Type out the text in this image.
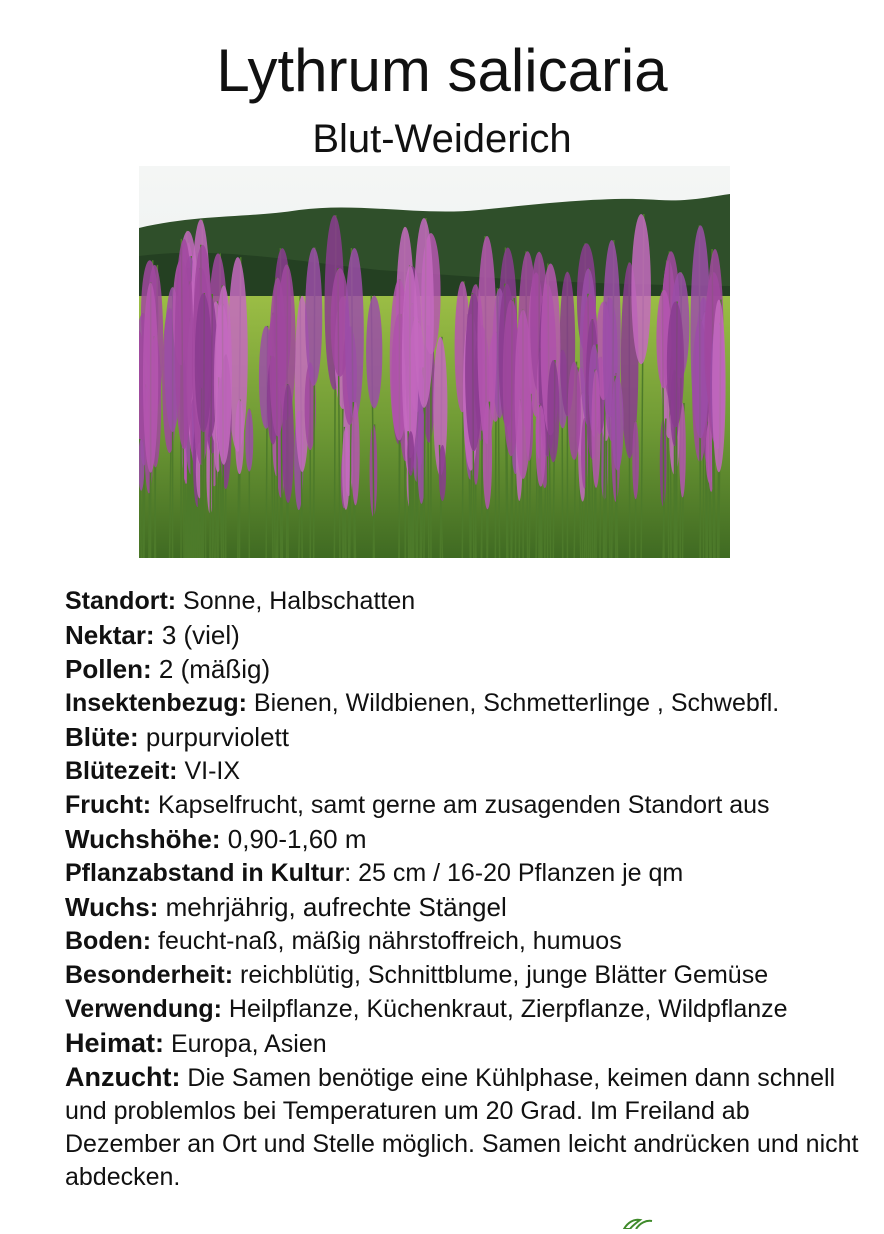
Lythrum salicaria
Blut-Weiderich
Standort: Sonne, Halbschatten
Nektar: 3 (viel)
Pollen: 2 (mäßig)
Insektenbezug: Bienen, Wildbienen, Schmetterlinge , Schwebfl.
Blüte: purpurviolett
Blütezeit: VI-IX
Frucht: Kapselfrucht, samt gerne am zusagenden Standort aus
Wuchshöhe: 0,90-1,60 m
Pflanzabstand in Kultur: 25 cm / 16-20 Pflanzen je qm
Wuchs: mehrjährig, aufrechte Stängel
Boden: feucht-naß, mäßig nährstoffreich, humuos
Besonderheit: reichblütig, Schnittblume, junge Blätter Gemüse
Verwendung: Heilpflanze, Küchenkraut, Zierpflanze, Wildpflanze
Heimat: Europa, Asien
Anzucht: Die Samen benötige eine Kühlphase, keimen dann schnell und problemlos bei Temperaturen um 20 Grad. Im Freiland ab Dezember an Ort und Stelle möglich. Samen leicht andrücken und nicht abdecken.
